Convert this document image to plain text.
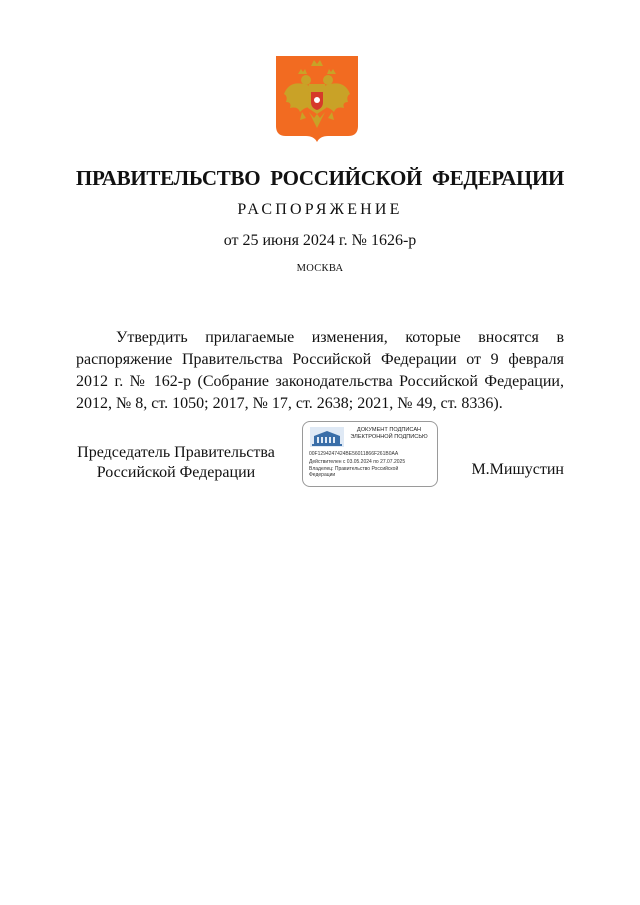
ПРАВИТЕЛЬСТВО РОССИЙСКОЙ ФЕДЕРАЦИИ
РАСПОРЯЖЕНИЕ
от 25 июня 2024 г. № 1626-р
МОСКВА
Утвердить прилагаемые изменения, которые вносятся в распоряжение Правительства Российской Федерации от 9 февраля 2012 г. № 162-р (Собрание законодательства Российской Федерации, 2012, № 8, ст. 1050; 2017, № 17, ст. 2638; 2021, № 49, ст. 8336).
Председатель Правительства
Российской Федерации
ДОКУМЕНТ ПОДПИСАН
ЭЛЕКТРОННОЙ ПОДПИСЬЮ
00F1294247424BE56011866F261B0AA
Действителен с 03.05.2024 по 27.07.2025
Владелец: Правительство Российской
Федерации	М.Мишустин
